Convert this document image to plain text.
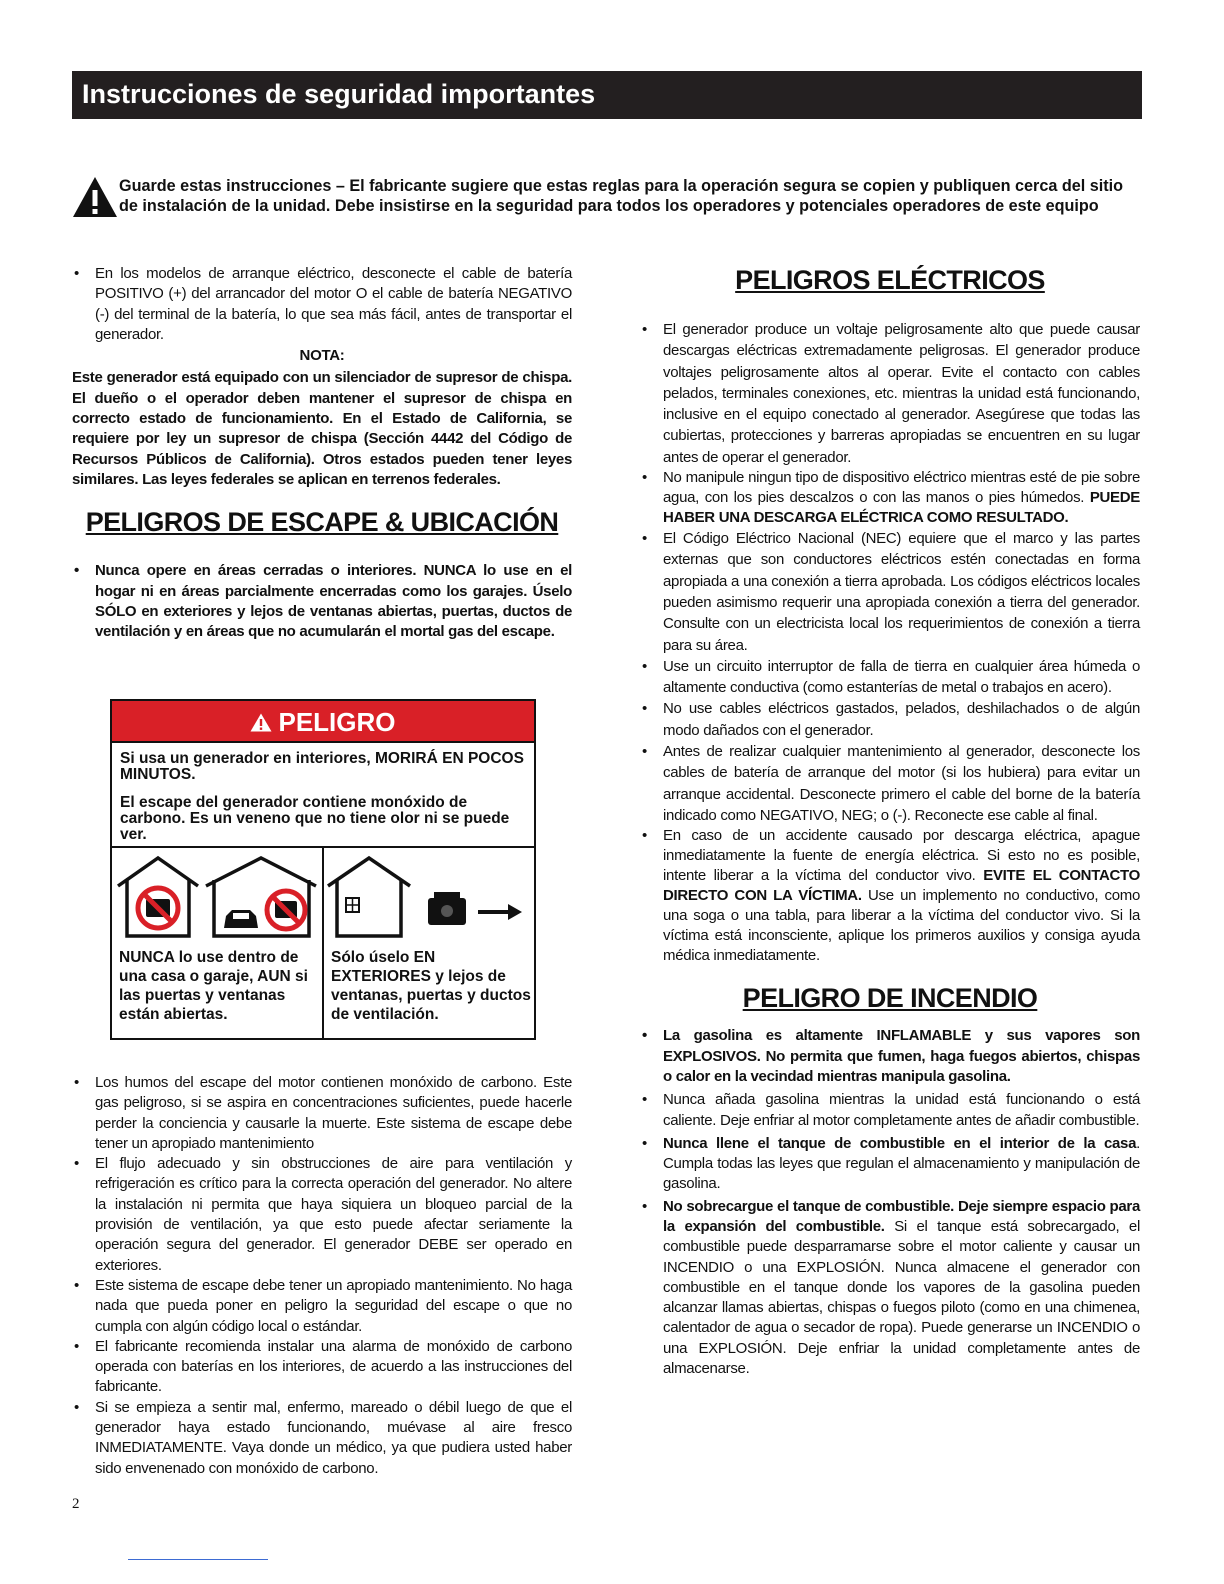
Instrucciones de seguridad importantes

Guarde estas instrucciones – El fabricante sugiere que estas reglas para la operación segura se copien y publiquen cerca del sitio de instalación de la unidad. Debe insistirse en la seguridad para todos los operadores y potenciales operadores de este equipo

• En los modelos de arranque eléctrico, desconecte el cable de batería POSITIVO (+) del arrancador del motor O el cable de batería NEGATIVO (-) del terminal de la batería, lo que sea más fácil, antes de transportar el generador.

NOTA:

Este generador está equipado con un silenciador de supresor de chispa. El dueño o el operador deben mantener el supresor de chispa en correcto estado de funcionamiento. En el Estado de California, se requiere por ley un supresor de chispa (Sección 4442 del Código de Recursos Públicos de California). Otros estados pueden tener leyes similares. Las leyes federales se aplican en terrenos federales.

PELIGROS DE ESCAPE & UBICACIÓN
• Nunca opere en áreas cerradas o interiores. NUNCA lo use en el hogar ni en áreas parcialmente encerradas como los garajes. Úselo SÓLO en exteriores y lejos de ventanas abiertas, puertas, ductos de ventilación y en áreas que no acumularán el mortal gas del escape.
PELIGRO

Si usa un generador en interiores, MORIRÁ EN POCOS MINUTOS.

El escape del generador contiene monóxido de carbono. Es un veneno que no tiene olor ni se puede ver.

NUNCA lo use dentro de una casa o garaje, AUN si las puertas y ventanas están abiertas.
Sólo úselo EN EXTERIORES y lejos de ventanas, puertas y ductos de ventilación.
• Los humos del escape del motor contienen monóxido de carbono. Este gas peligroso, si se aspira en concentraciones suficientes, puede hacerle perder la conciencia y causarle la muerte. Este sistema de escape debe tener un apropiado mantenimiento
• El flujo adecuado y sin obstrucciones de aire para ventilación y refrigeración es crítico para la correcta operación del generador. No altere la instalación ni permita que haya siquiera un bloqueo parcial de la provisión de ventilación, ya que esto puede afectar seriamente la operación segura del generador. El generador DEBE ser operado en exteriores.
• Este sistema de escape debe tener un apropiado mantenimiento. No haga nada que pueda poner en peligro la seguridad del escape o que no cumpla con algún código local o estándar.
• El fabricante recomienda instalar una alarma de monóxido de carbono operada con baterías en los interiores, de acuerdo a las instrucciones del fabricante.
• Si se empieza a sentir mal, enfermo, mareado o débil luego de que el generador haya estado funcionando, muévase al aire fresco INMEDIATAMENTE. Vaya donde un médico, ya que pudiera usted haber sido envenenado con monóxido de carbono.
PELIGROS ELÉCTRICOS
• El generador produce un voltaje peligrosamente alto que puede causar descargas eléctricas extremadamente peligrosas. El generador produce voltajes peligrosamente altos al operar. Evite el contacto con cables pelados, terminales conexiones, etc. mientras la unidad está funcionando, inclusive en el equipo conectado al generador. Asegúrese que todas las cubiertas, protecciones y barreras apropiadas se encuentren en su lugar antes de operar el generador.
• No manipule ningun tipo de dispositivo eléctrico mientras esté de pie sobre agua, con los pies descalzos o con las manos o pies húmedos. PUEDE HABER UNA DESCARGA ELÉCTRICA COMO RESULTADO.
• El Código Eléctrico Nacional (NEC) equiere que el marco y las partes externas que son conductores eléctricos estén conectadas en forma apropiada a una conexión a tierra aprobada. Los códigos eléctricos locales pueden asimismo requerir una apropiada conexión a tierra del generador. Consulte con un electricista local los requerimientos de conexión a tierra para su área.
• Use un circuito interruptor de falla de tierra en cualquier área húmeda o altamente conductiva (como estanterías de metal o trabajos en acero).
• No use cables eléctricos gastados, pelados, deshilachados o de algún modo dañados con el generador.
• Antes de realizar cualquier mantenimiento al generador, desconecte los cables de batería de arranque del motor (si los hubiera) para evitar un arranque accidental. Desconecte primero el cable del borne de la batería indicado como NEGATIVO, NEG; o (-). Reconecte ese cable al final.
• En caso de un accidente causado por descarga eléctrica, apague inmediatamente la fuente de energía eléctrica. Si esto no es posible, intente liberar a la víctima del conductor vivo. EVITE EL CONTACTO DIRECTO CON LA VÍCTIMA. Use un implemento no conductivo, como una soga o una tabla, para liberar a la víctima del conductor vivo. Si la víctima está inconsciente, aplique los primeros auxilios y consiga ayuda médica inmediatamente.
PELIGRO DE INCENDIO
• La gasolina es altamente INFLAMABLE y sus vapores son EXPLOSIVOS. No permita que fumen, haga fuegos abiertos, chispas o calor en la vecindad mientras manipula gasolina.
• Nunca añada gasolina mientras la unidad está funcionando o está caliente. Deje enfriar al motor completamente antes de añadir combustible.
• Nunca llene el tanque de combustible en el interior de la casa. Cumpla todas las leyes que regulan el almacenamiento y manipulación de gasolina.
• No sobrecargue el tanque de combustible. Deje siempre espacio para la expansión del combustible. Si el tanque está sobrecargado, el combustible puede desparramarse sobre el motor caliente y causar un INCENDIO o una EXPLOSIÓN. Nunca almacene el generador con combustible en el tanque donde los vapores de la gasolina pueden alcanzar llamas abiertas, chispas o fuegos piloto (como en una chimenea, calentador de agua o secador de ropa). Puede generarse un INCENDIO o una EXPLOSIÓN. Deje enfriar la unidad completamente antes de almacenarse.
2
